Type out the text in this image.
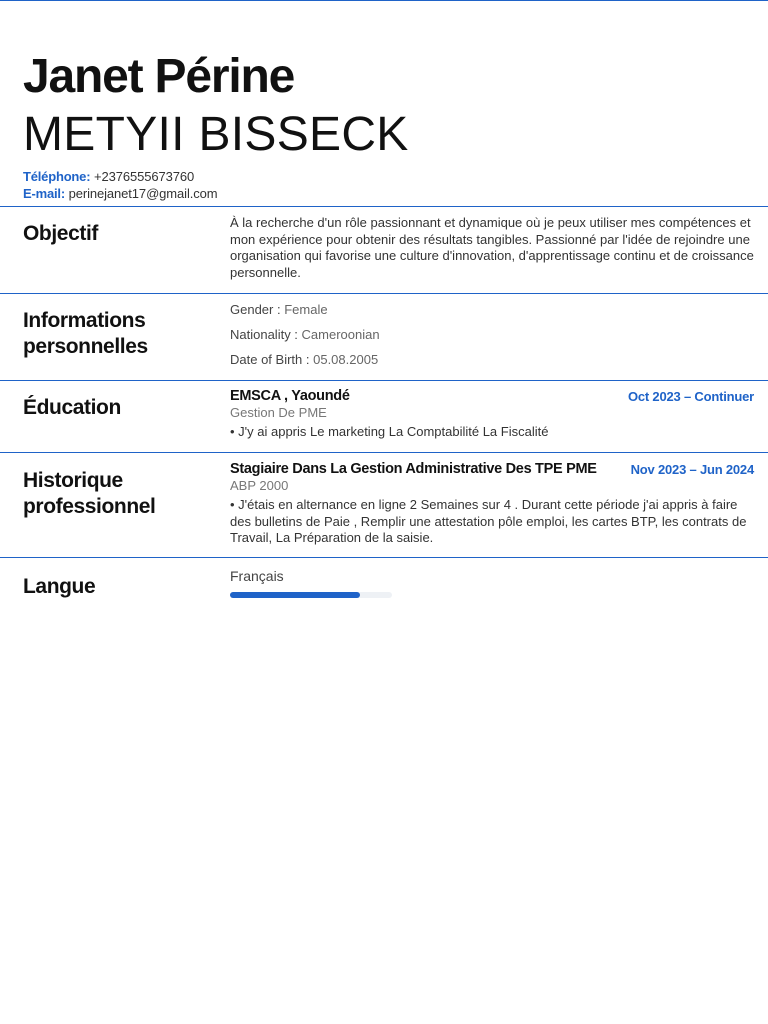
Janet Périne
METYII BISSECK
Téléphone: +2376555673760
E-mail: perinejanet17@gmail.com
Objectif	À la recherche d'un rôle passionnant et dynamique où je peux utiliser mes compétences et mon expérience pour obtenir des résultats tangibles. Passionné par l'idée de rejoindre une organisation qui favorise une culture d'innovation, d'apprentissage continu et de croissance personnelle.
Informations
personnelles
Gender : Female
Nationality : Cameroonian
Date of Birth : 05.08.2005
Éducation	EMSCA , Yaoundé	Oct 2023 – Continuer
Gestion De PME
• J'y ai appris Le marketing La Comptabilité La Fiscalité
Historique
professionnel
Stagiaire Dans La Gestion Administrative Des TPE PME	Nov 2023 – Jun 2024
ABP 2000
• J'étais en alternance en ligne 2 Semaines sur 4 . Durant cette période j'ai appris à faire des bulletins de Paie , Remplir une attestation pôle emploi, les cartes BTP, les contrats de Travail, La Préparation de la saisie.
Langue	Français
